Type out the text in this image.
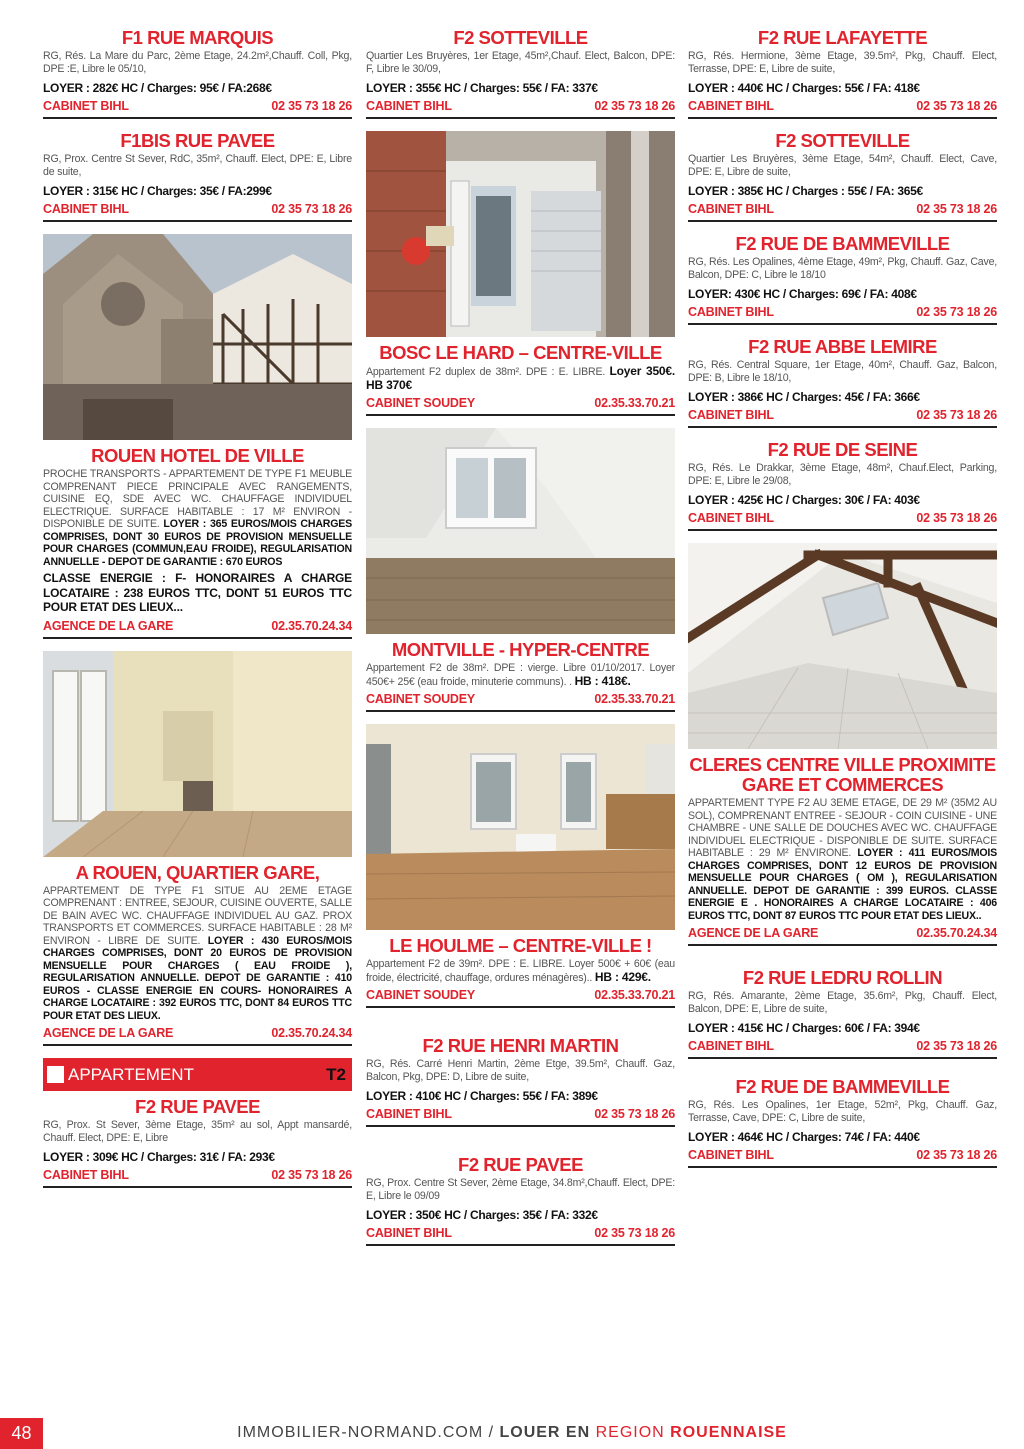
F1 RUE MARQUIS
RG, Rés. La Mare du Parc, 2ème Etage, 24.2m²,Chauff. Coll, Pkg, DPE :E, Libre le 05/10,
LOYER : 282€ HC / Charges: 95€ / FA:268€
CABINET BIHL	02 35 73 18 26
F1BIS RUE PAVEE
RG, Prox. Centre St Sever, RdC, 35m², Chauff. Elect, DPE: E, Libre de suite,
LOYER : 315€ HC / Charges: 35€ / FA:299€
CABINET BIHL	02 35 73 18 26
ROUEN HOTEL DE VILLE
PROCHE TRANSPORTS - APPARTEMENT DE TYPE F1 MEUBLE COMPRENANT PIECE PRINCIPALE AVEC RANGEMENTS, CUISINE EQ, SDE AVEC WC. CHAUFFAGE INDIVIDUEL ELECTRIQUE. SURFACE HABITABLE : 17 M² ENVIRON - DISPONIBLE DE SUITE. LOYER : 365 EUROS/MOIS CHARGES COMPRISES, DONT 30 EUROS DE PROVISION MENSUELLE POUR CHARGES (COMMUN,EAU FROIDE), REGULARISATION ANNUELLE - DEPOT DE GARANTIE : 670 EUROS
CLASSE ENERGIE : F- HONORAIRES A CHARGE LOCATAIRE : 238 EUROS TTC, DONT 51 EUROS TTC POUR ETAT DES LIEUX...
AGENCE DE LA GARE	02.35.70.24.34
A ROUEN, QUARTIER GARE,
APPARTEMENT DE TYPE F1 SITUE AU 2EME ETAGE COMPRENANT : ENTREE, SEJOUR, CUISINE OUVERTE, SALLE DE BAIN AVEC WC. CHAUFFAGE INDIVIDUEL AU GAZ. PROX TRANSPORTS ET COMMERCES. SURFACE HABITABLE : 28 M² ENVIRON - LIBRE DE SUITE. LOYER : 430 EUROS/MOIS CHARGES COMPRISES, DONT 20 EUROS DE PROVISION MENSUELLE POUR CHARGES ( EAU FROIDE ), REGULARISATION ANNUELLE. DEPOT DE GARANTIE : 410 EUROS - CLASSE ENERGIE EN COURS- HONORAIRES A CHARGE LOCATAIRE : 392 EUROS TTC, DONT 84 EUROS TTC POUR ETAT DES LIEUX.
AGENCE DE LA GARE	02.35.70.24.34
APPARTEMENT	T2
F2 RUE PAVEE
RG, Prox. St Sever, 3ème Etage, 35m² au sol, Appt mansardé, Chauff. Elect, DPE: E, Libre
LOYER : 309€ HC / Charges: 31€ / FA: 293€
CABINET BIHL	02 35 73 18 26
F2 SOTTEVILLE
Quartier Les Bruyères, 1er Etage, 45m²,Chauf. Elect, Balcon, DPE: F, Libre le 30/09,
LOYER : 355€ HC / Charges: 55€ / FA: 337€
CABINET BIHL	02 35 73 18 26
BOSC LE HARD – CENTRE-VILLE
Appartement F2 duplex de 38m². DPE : E. LIBRE. Loyer 350€. HB 370€
CABINET SOUDEY	02.35.33.70.21
MONTVILLE - HYPER-CENTRE
Appartement F2 de 38m². DPE : vierge. Libre 01/10/2017. Loyer 450€+ 25€ (eau froide, minuterie communs). . HB : 418€.
CABINET SOUDEY	02.35.33.70.21
LE HOULME – CENTRE-VILLE !
Appartement F2 de 39m². DPE : E. LIBRE. Loyer 500€ + 60€ (eau froide, électricité, chauffage, ordures ménagères).. HB : 429€.
CABINET SOUDEY	02.35.33.70.21
F2 RUE HENRI MARTIN
RG, Rés. Carré Henri Martin, 2ème Etge, 39.5m², Chauff. Gaz, Balcon, Pkg, DPE: D, Libre de suite,
LOYER : 410€ HC / Charges: 55€ / FA: 389€
CABINET BIHL	02 35 73 18 26
F2 RUE PAVEE
RG, Prox. Centre St Sever, 2ème Etage, 34.8m²,Chauff. Elect, DPE: E, Libre le 09/09
LOYER : 350€ HC / Charges: 35€ / FA: 332€
CABINET BIHL	02 35 73 18 26
F2 RUE LAFAYETTE
RG, Rés. Hermione, 3ème Etage, 39.5m², Pkg, Chauff. Elect, Terrasse, DPE: E, Libre de suite,
LOYER : 440€ HC / Charges: 55€ / FA: 418€
CABINET BIHL	02 35 73 18 26
F2 SOTTEVILLE
Quartier Les Bruyères, 3ème Etage, 54m², Chauff. Elect, Cave, DPE: E, Libre de suite,
LOYER : 385€ HC / Charges : 55€ / FA: 365€
CABINET BIHL	02 35 73 18 26
F2 RUE DE BAMMEVILLE
RG, Rés. Les Opalines, 4ème Etage, 49m², Pkg, Chauff. Gaz, Cave, Balcon, DPE: C, Libre le 18/10
LOYER: 430€ HC / Charges: 69€ / FA: 408€
CABINET BIHL	02 35 73 18 26
F2 RUE ABBE LEMIRE
RG, Rés. Central Square, 1er Etage, 40m², Chauff. Gaz, Balcon, DPE: B, Libre le 18/10,
LOYER : 386€ HC / Charges: 45€ / FA: 366€
CABINET BIHL	02 35 73 18 26
F2 RUE DE SEINE
RG, Rés. Le Drakkar, 3ème Etage, 48m², Chauf.Elect, Parking, DPE: E, Libre le 29/08,
LOYER : 425€ HC / Charges: 30€ / FA: 403€
CABINET BIHL	02 35 73 18 26
CLERES CENTRE VILLE PROXIMITE GARE ET COMMERCES
APPARTEMENT TYPE F2 AU 3EME ETAGE, DE 29 M² (35M2 AU SOL), COMPRENANT ENTREE - SEJOUR - COIN CUISINE - UNE CHAMBRE - UNE SALLE DE DOUCHES AVEC WC. CHAUFFAGE INDIVIDUEL ELECTRIQUE - DISPONIBLE DE SUITE. SURFACE HABITABLE : 29 M² ENVIRONE. LOYER : 411 EUROS/MOIS CHARGES COMPRISES, DONT 12 EUROS DE PROVISION MENSUELLE POUR CHARGES ( OM ), REGULARISATION ANNUELLE. DEPOT DE GARANTIE : 399 EUROS. CLASSE ENERGIE E . HONORAIRES A CHARGE LOCATAIRE : 406 EUROS TTC, DONT 87 EUROS TTC POUR ETAT DES LIEUX..
AGENCE DE LA GARE	02.35.70.24.34
F2 RUE LEDRU ROLLIN
RG, Rés. Amarante, 2ème Etage, 35.6m², Pkg, Chauff. Elect, Balcon, DPE: E, Libre de suite,
LOYER : 415€ HC / Charges: 60€ / FA: 394€
CABINET BIHL	02 35 73 18 26
F2 RUE DE BAMMEVILLE
RG, Rés. Les Opalines, 1er Etage, 52m², Pkg, Chauff. Gaz, Terrasse, Cave, DPE: C, Libre de suite,
LOYER : 464€ HC / Charges: 74€ / FA: 440€
CABINET BIHL	02 35 73 18 26
48	IMMOBILIER-NORMAND.COM / LOUER EN REGION ROUENNAISE
